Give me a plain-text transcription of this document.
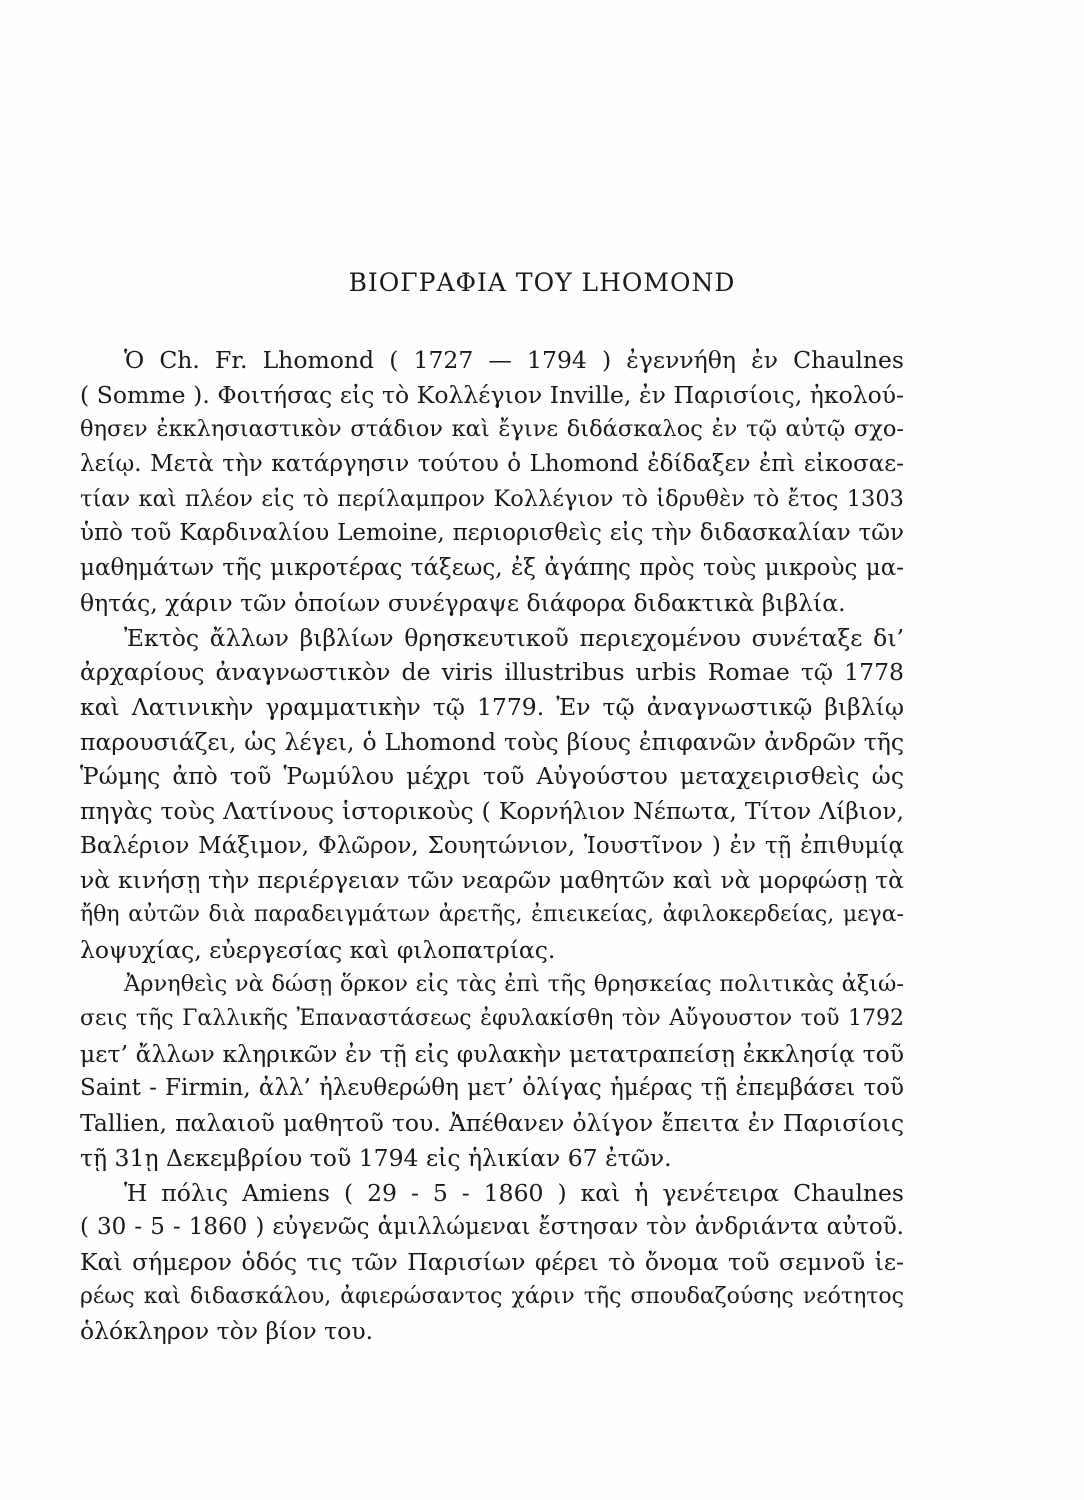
ΒΙΟΓΡΑΦΙΑ ΤΟΥ LHOMOND
Ὁ Ch. Fr. Lhomond ( 1727 — 1794 ) ἐγεννήθη ἐν Chaulnes
( Somme ). Φοιτήσας εἰς τὸ Κολλέγιον Inville, ἐν Παρισίοις, ἠκολού-
θησεν ἐκκλησιαστικὸν στάδιον καὶ ἔγινε διδάσκαλος ἐν τῷ αὐτῷ σχο-
λείῳ. Μετὰ τὴν κατάργησιν τούτου ὁ Lhomond ἐδίδαξεν ἐπὶ εἰκοσαε-
τίαν καὶ πλέον εἰς τὸ περίλαμπρον Κολλέγιον τὸ ἱδρυθὲν τὸ ἔτος 1303
ὑπὸ τοῦ Καρδιναλίου Lemoine, περιορισθεὶς εἰς τὴν διδασκαλίαν τῶν
μαθημάτων τῆς μικροτέρας τάξεως, ἐξ ἀγάπης πρὸς τοὺς μικροὺς μα-
θητάς, χάριν τῶν ὁποίων συνέγραψε διάφορα διδακτικὰ βιβλία.
Ἐκτὸς ἄλλων βιβλίων θρησκευτικοῦ περιεχομένου συνέταξε δι’
ἀρχαρίους ἀναγνωστικὸν de viris illustribus urbis Romae τῷ 1778
καὶ Λατινικὴν γραμματικὴν τῷ 1779. Ἐν τῷ ἀναγνωστικῷ βιβλίῳ
παρουσιάζει, ὡς λέγει, ὁ Lhomond τοὺς βίους ἐπιφανῶν ἀνδρῶν τῆς
Ῥώμης ἀπὸ τοῦ Ῥωμύλου μέχρι τοῦ Αὐγούστου μεταχειρισθεὶς ὡς
πηγὰς τοὺς Λατίνους ἱστορικοὺς ( Κορνήλιον Νέπωτα, Τίτον Λίβιον,
Βαλέριον Μάξιμον, Φλῶρον, Σουητώνιον, Ἰουστῖνον ) ἐν τῇ ἐπιθυμίᾳ
νὰ κινήσῃ τὴν περιέργειαν τῶν νεαρῶν μαθητῶν καὶ νὰ μορφώσῃ τὰ
ἤθη αὐτῶν διὰ παραδειγμάτων ἀρετῆς, ἐπιεικείας, ἀφιλοκερδείας, μεγα-
λοψυχίας, εὐεργεσίας καὶ φιλοπατρίας.
Ἀρνηθεὶς νὰ δώσῃ ὅρκον εἰς τὰς ἐπὶ τῆς θρησκείας πολιτικὰς ἀξιώ-
σεις τῆς Γαλλικῆς Ἐπαναστάσεως ἐφυλακίσθη τὸν Αὔγουστον τοῦ 1792
μετ’ ἄλλων κληρικῶν ἐν τῇ εἰς φυλακὴν μετατραπείσῃ ἐκκλησίᾳ τοῦ
Saint - Firmin, ἀλλ’ ἠλευθερώθη μετ’ ὀλίγας ἡμέρας τῇ ἐπεμβάσει τοῦ
Tallien, παλαιοῦ μαθητοῦ του. Ἀπέθανεν ὀλίγον ἔπειτα ἐν Παρισίοις
τῇ 31ῃ Δεκεμβρίου τοῦ 1794 εἰς ἡλικίαν 67 ἐτῶν.
Ἡ πόλις Amiens ( 29 - 5 - 1860 ) καὶ ἡ γενέτειρα Chaulnes
( 30 - 5 - 1860 ) εὐγενῶς ἁμιλλώμεναι ἔστησαν τὸν ἀνδριάντα αὐτοῦ.
Καὶ σήμερον ὁδός τις τῶν Παρισίων φέρει τὸ ὄνομα τοῦ σεμνοῦ ἱε-
ρέως καὶ διδασκάλου, ἀφιερώσαντος χάριν τῆς σπουδαζούσης νεότητος
ὁλόκληρον τὸν βίον του.
